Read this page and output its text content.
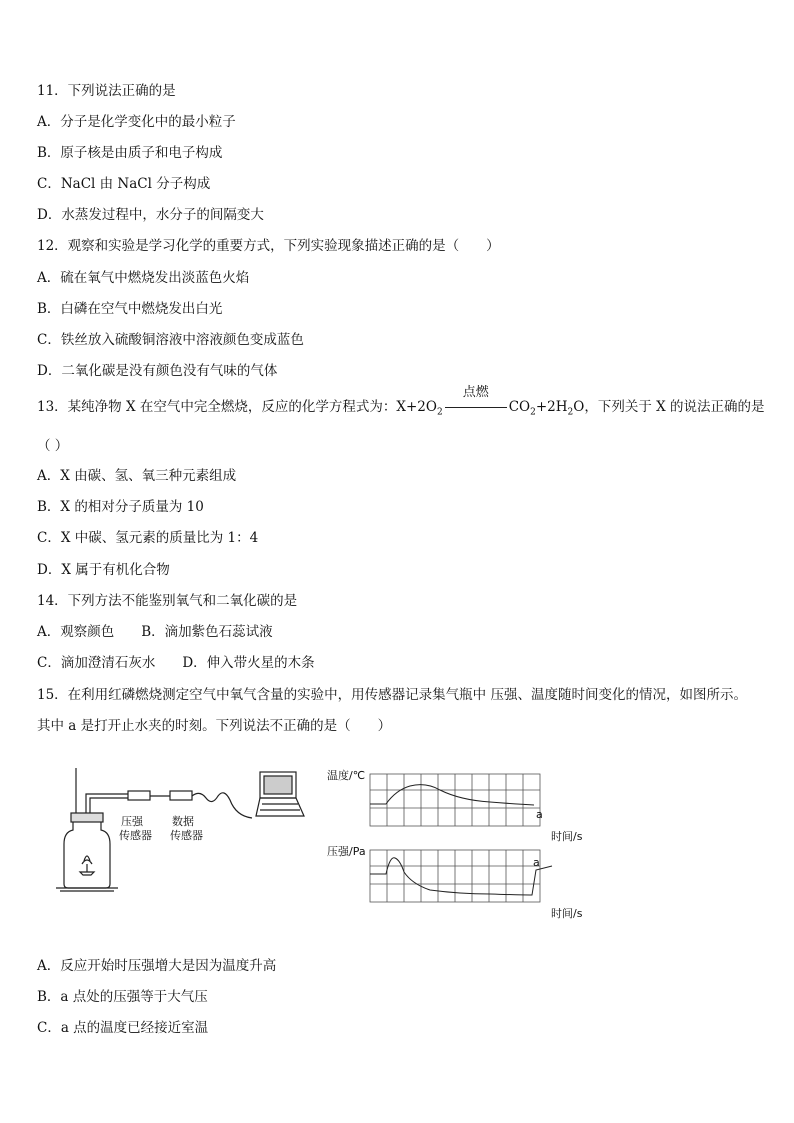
11．下列说法正确的是
A．分子是化学变化中的最小粒子
B．原子核是由质子和电子构成
C．NaCl 由 NaCl 分子构成
D．水蒸发过程中，水分子的间隔变大
12．观察和实验是学习化学的重要方式，下列实验现象描述正确的是（　　）
A．硫在氧气中燃烧发出淡蓝色火焰
B．白磷在空气中燃烧发出白光
C．铁丝放入硫酸铜溶液中溶液颜色变成蓝色
D．二氧化碳是没有颜色没有气味的气体
13．某纯净物 X 在空气中完全燃烧，反应的化学方程式为：$X+2O_2$
点燃
$CO_2+2H_2O$，下列关于 X 的说法正确的是
（ ）
A．X 由碳、氢、氧三种元素组成
B．X 的相对分子质量为 10
C．X 中碳、氢元素的质量比为 1：4
D．X 属于有机化合物
14．下列方法不能鉴别氧气和二氧化碳的是
A．观察颜色　　B．滴加紫色石蕊试液
C．滴加澄清石灰水　　D．伸入带火星的木条
15．在利用红磷燃烧测定空气中氧气含量的实验中，用传感器记录集气瓶中 压强、温度随时间变化的情况，如图所示。
其中 a 是打开止水夹的时刻。下列说法不正确的是（　　）
压强
传感器
数据
传感器
温度/℃
a
时间/s
压强/Pa
a
时间/s
A．反应开始时压强增大是因为温度升高
B．a 点处的压强等于大气压
C．a 点的温度已经接近室温
